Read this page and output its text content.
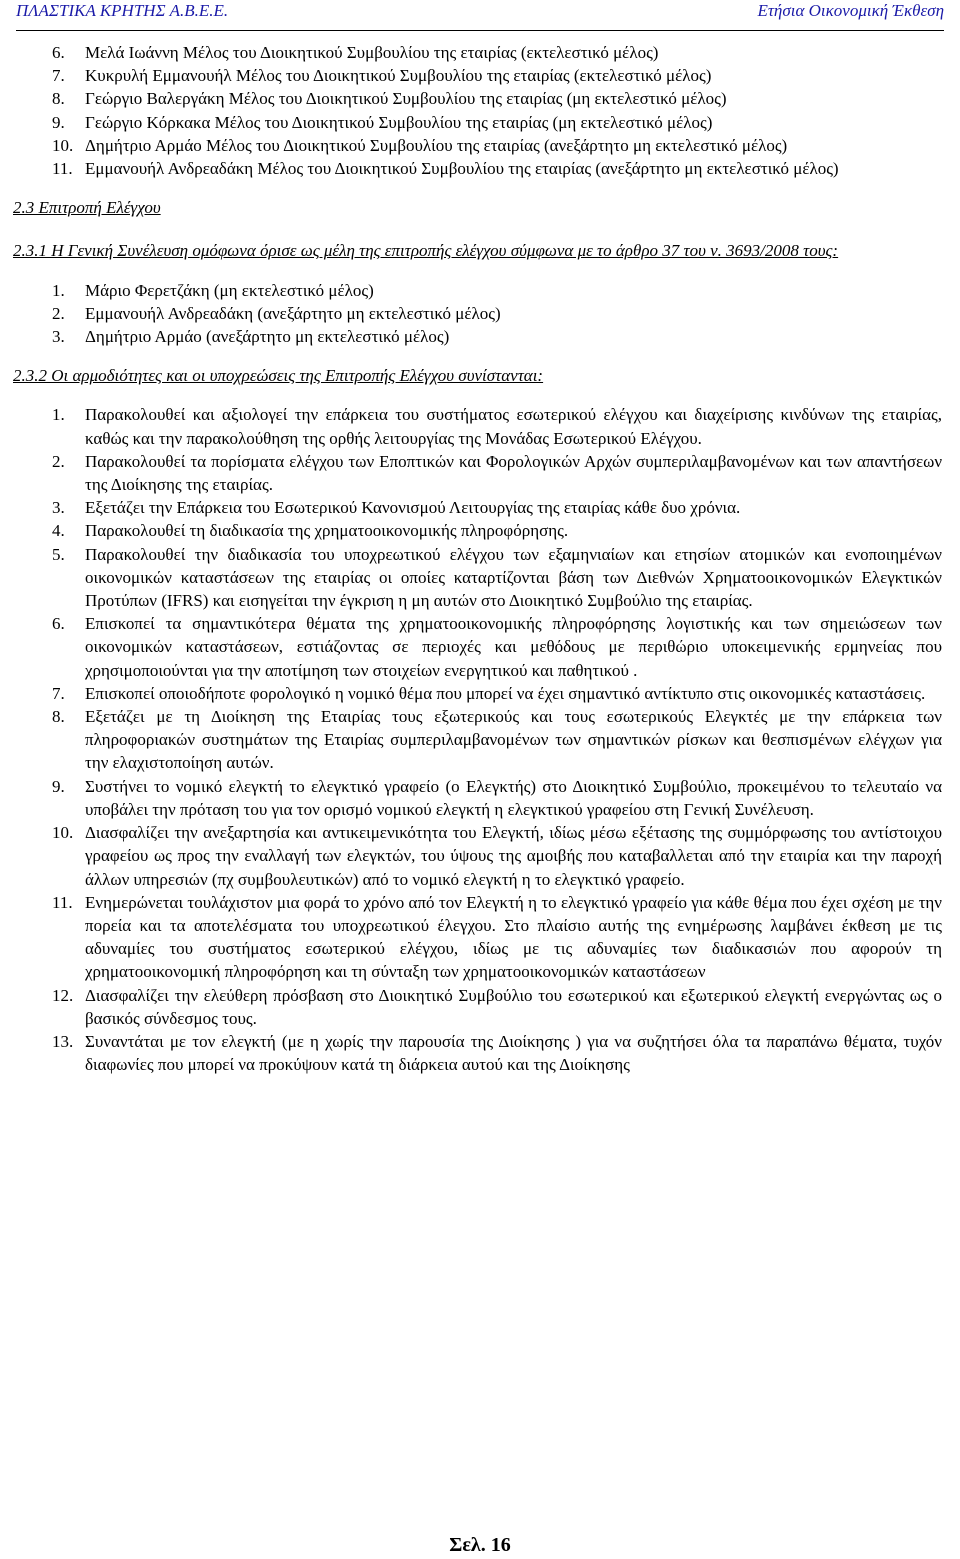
ΠΛΑΣΤΙΚΑ ΚΡΗΤΗΣ Α.Β.Ε.Ε.	Ετήσια Οικονομική Έκθεση
6. Μελά Ιωάννη Μέλος του Διοικητικού Συμβουλίου της εταιρίας (εκτελεστικό μέλος)
7. Κυκρυλή Εμμανουήλ Μέλος του Διοικητικού Συμβουλίου της εταιρίας (εκτελεστικό μέλος)
8. Γεώργιο Βαλεργάκη Μέλος του Διοικητικού Συμβουλίου της εταιρίας (μη εκτελεστικό μέλος)
9. Γεώργιο Κόρκακα Μέλος του Διοικητικού Συμβουλίου της εταιρίας (μη εκτελεστικό μέλος)
10. Δημήτριο Αρμάο Μέλος του Διοικητικού Συμβουλίου της εταιρίας (ανεξάρτητο μη εκτελεστικό μέλος)
11. Εμμανουήλ Ανδρεαδάκη Μέλος του Διοικητικού Συμβουλίου της εταιρίας (ανεξάρτητο μη εκτελεστικό μέλος)

2.3 Επιτροπή Ελέγχου

2.3.1 Η Γενική Συνέλευση ομόφωνα όρισε ως μέλη της επιτροπής ελέγχου σύμφωνα με το άρθρο 37 του ν. 3693/2008 τους:

1. Μάριο Φερετζάκη (μη εκτελεστικό μέλος)
2. Εμμανουήλ Ανδρεαδάκη (ανεξάρτητο μη εκτελεστικό μέλος)
3. Δημήτριο Αρμάο (ανεξάρτητο μη εκτελεστικό μέλος)

2.3.2 Οι αρμοδιότητες και οι υποχρεώσεις της Επιτροπής Ελέγχου συνίστανται:

1. Παρακολουθεί και αξιολογεί την επάρκεια του συστήματος εσωτερικού ελέγχου και διαχείρισης κινδύνων της εταιρίας, καθώς και την παρακολούθηση της ορθής λειτουργίας της Μονάδας Εσωτερικού Ελέγχου.
2. Παρακολουθεί τα πορίσματα ελέγχου των Εποπτικών και Φορολογικών Αρχών συμπεριλαμβανομένων και των απαντήσεων της Διοίκησης της εταιρίας.
3. Εξετάζει την Επάρκεια του Εσωτερικού Κανονισμού Λειτουργίας της εταιρίας κάθε δυο χρόνια.
4. Παρακολουθεί τη διαδικασία της χρηματοοικονομικής πληροφόρησης.
5. Παρακολουθεί την διαδικασία του υποχρεωτικού ελέγχου των εξαμηνιαίων και ετησίων ατομικών και ενοποιημένων οικονομικών καταστάσεων της εταιρίας οι οποίες καταρτίζονται βάση των Διεθνών Χρηματοοικονομικών Ελεγκτικών Προτύπων (IFRS) και εισηγείται την έγκριση η μη αυτών στο Διοικητικό Συμβούλιο της εταιρίας.
6. Επισκοπεί τα σημαντικότερα θέματα της χρηματοοικονομικής πληροφόρησης λογιστικής και των σημειώσεων των οικονομικών καταστάσεων, εστιάζοντας σε περιοχές και μεθόδους με περιθώριο υποκειμενικής ερμηνείας που χρησιμοποιούνται για την αποτίμηση των στοιχείων ενεργητικού και παθητικού .
7. Επισκοπεί οποιοδήποτε φορολογικό η νομικό θέμα που μπορεί να έχει σημαντικό αντίκτυπο στις οικονομικές καταστάσεις.
8. Εξετάζει με τη Διοίκηση της Εταιρίας τους εξωτερικούς και τους εσωτερικούς Ελεγκτές με την επάρκεια των πληροφοριακών συστημάτων της Εταιρίας συμπεριλαμβανομένων των σημαντικών ρίσκων και θεσπισμένων ελέγχων για την ελαχιστοποίηση αυτών.
9. Συστήνει το νομικό ελεγκτή το ελεγκτικό γραφείο (ο Ελεγκτής) στο Διοικητικό Συμβούλιο, προκειμένου το τελευταίο να υποβάλει την πρόταση του για τον ορισμό νομικού ελεγκτή η ελεγκτικού γραφείου στη Γενική Συνέλευση.
10. Διασφαλίζει την ανεξαρτησία και αντικειμενικότητα του Ελεγκτή, ιδίως μέσω εξέτασης της συμμόρφωσης του αντίστοιχου γραφείου ως προς την εναλλαγή των ελεγκτών, του ύψους της αμοιβής που καταβαλλεται από την εταιρία και την παροχή άλλων υπηρεσιών (πχ συμβουλευτικών) από το νομικό ελεγκτή η το ελεγκτικό γραφείο.
11. Ενημερώνεται τουλάχιστον μια φορά το χρόνο από τον Ελεγκτή η το ελεγκτικό γραφείο για κάθε θέμα που έχει σχέση με την πορεία και τα αποτελέσματα του υποχρεωτικού έλεγχου. Στο πλαίσιο αυτής της ενημέρωσης λαμβάνει έκθεση με τις αδυναμίες του συστήματος εσωτερικού ελέγχου, ιδίως με τις αδυναμίες των διαδικασιών που αφορούν τη χρηματοοικονομική πληροφόρηση και τη σύνταξη των χρηματοοικονομικών καταστάσεων
12. Διασφαλίζει την ελεύθερη πρόσβαση στο Διοικητικό Συμβούλιο του εσωτερικού και εξωτερικού ελεγκτή ενεργώντας ως ο βασικός σύνδεσμος τους.
13. Συναντάται με τον ελεγκτή (με η χωρίς την παρουσία της Διοίκησης ) για να συζητήσει όλα τα παραπάνω θέματα, τυχόν διαφωνίες που μπορεί να προκύψουν κατά τη διάρκεια αυτού και της Διοίκησης
Σελ. 16
